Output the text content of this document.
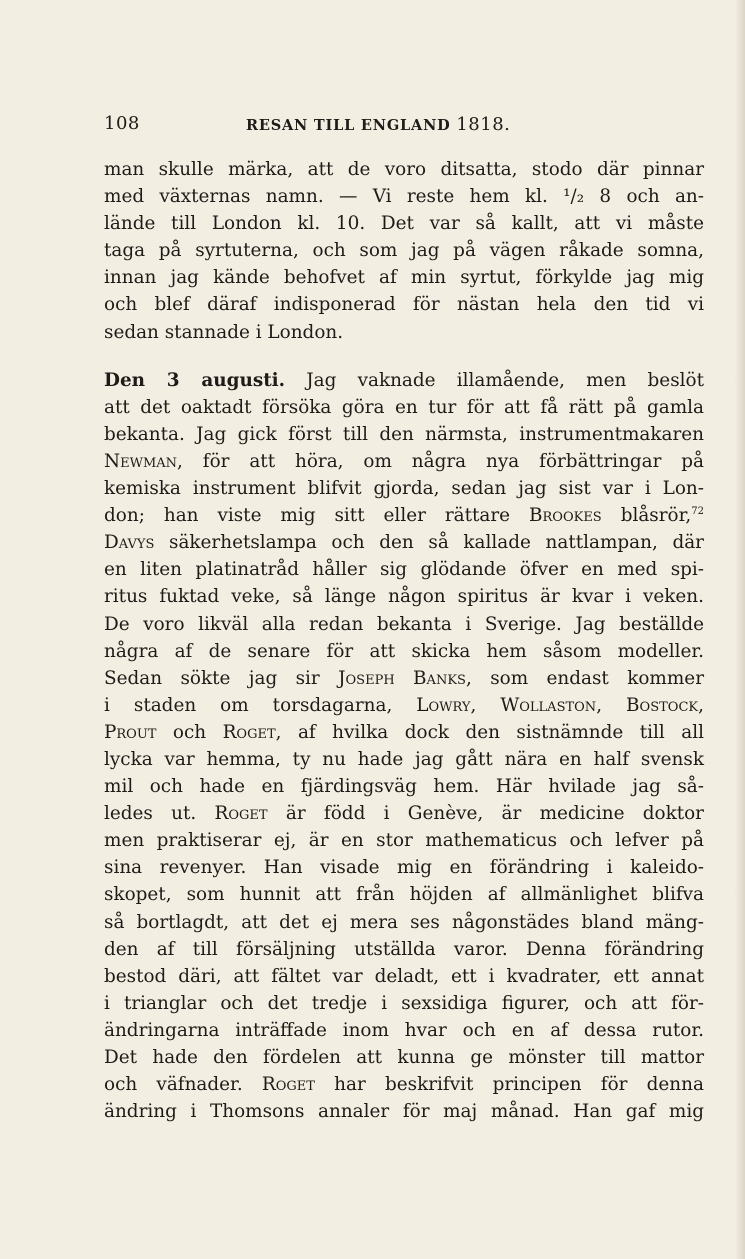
108	RESAN TILL ENGLAND 1818.
man skulle märka, att de voro ditsatta, stodo där pinnar
med växternas namn. — Vi reste hem kl. ¹/₂ 8 och an-
lände till London kl. 10. Det var så kallt, att vi måste
taga på syrtuterna, och som jag på vägen råkade somna,
innan jag kände behofvet af min syrtut, förkylde jag mig
och blef däraf indisponerad för nästan hela den tid vi
sedan stannade i London.
Den 3 augusti. Jag vaknade illamående, men beslöt
att det oaktadt försöka göra en tur för att få rätt på gamla
bekanta. Jag gick först till den närmsta, instrumentmakaren
Newman, för att höra, om några nya förbättringar på
kemiska instrument blifvit gjorda, sedan jag sist var i Lon-
don; han viste mig sitt eller rättare Brookes blåsrör,$^{72}$
Davys säkerhetslampa och den så kallade nattlampan, där
en liten platinatråd håller sig glödande öfver en med spi-
ritus fuktad veke, så länge någon spiritus är kvar i veken.
De voro likväl alla redan bekanta i Sverige. Jag beställde
några af de senare för att skicka hem såsom modeller.
Sedan sökte jag sir Joseph Banks, som endast kommer
i staden om torsdagarna, Lowry, Wollaston, Bostock,
Prout och Roget, af hvilka dock den sistnämnde till all
lycka var hemma, ty nu hade jag gått nära en half svensk
mil och hade en fjärdingsväg hem. Här hvilade jag så-
ledes ut. Roget är född i Genève, är medicine doktor
men praktiserar ej, är en stor mathematicus och lefver på
sina revenyer. Han visade mig en förändring i kaleido-
skopet, som hunnit att från höjden af allmänlighet blifva
så bortlagdt, att det ej mera ses någonstädes bland mäng-
den af till försäljning utställda varor. Denna förändring
bestod däri, att fältet var deladt, ett i kvadrater, ett annat
i trianglar och det tredje i sexsidiga figurer, och att för-
ändringarna inträffade inom hvar och en af dessa rutor.
Det hade den fördelen att kunna ge mönster till mattor
och väfnader. Roget har beskrifvit principen för denna
ändring i Thomsons annaler för maj månad. Han gaf mig
